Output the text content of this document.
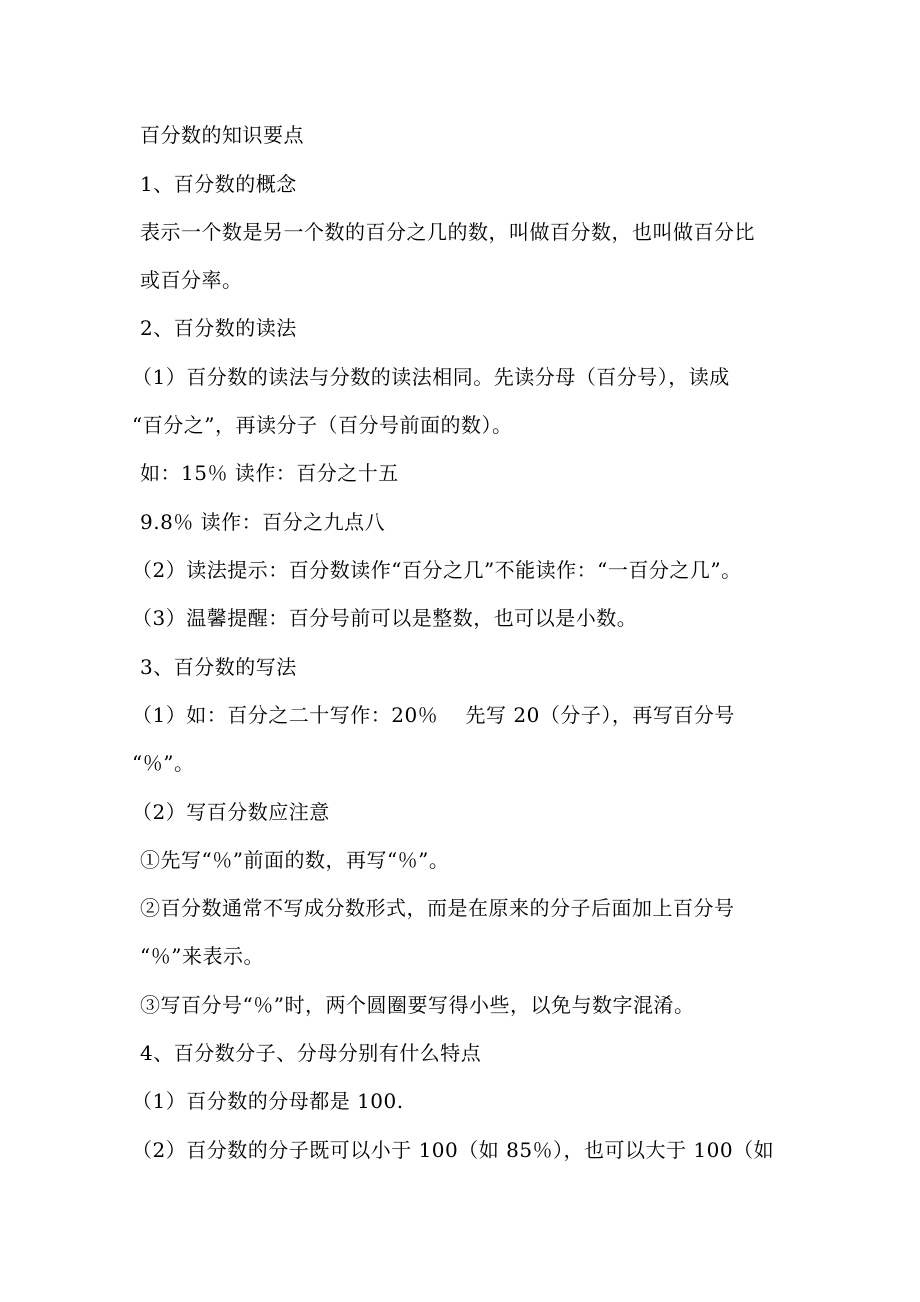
百分数的知识要点
1、百分数的概念
表示一个数是另一个数的百分之几的数，叫做百分数，也叫做百分比
或百分率。
2、百分数的读法
（1）百分数的读法与分数的读法相同。先读分母（百分号），读成
“百分之”，再读分子（百分号前面的数）。
如：15％ 读作：百分之十五
9.8％ 读作：百分之九点八
（2）读法提示：百分数读作“百分之几”不能读作：“一百分之几”。
（3）温馨提醒：百分号前可以是整数，也可以是小数。
3、百分数的写法
（1）如：百分之二十写作：20％　 先写 20（分子），再写百分号
“％”。
（2）写百分数应注意
①先写“％”前面的数，再写“％”。
②百分数通常不写成分数形式，而是在原来的分子后面加上百分号
“％”来表示。
③写百分号“％”时，两个圆圈要写得小些，以免与数字混淆。
4、百分数分子、分母分别有什么特点
（1）百分数的分母都是 100.
（2）百分数的分子既可以小于 100（如 85％），也可以大于 100（如
